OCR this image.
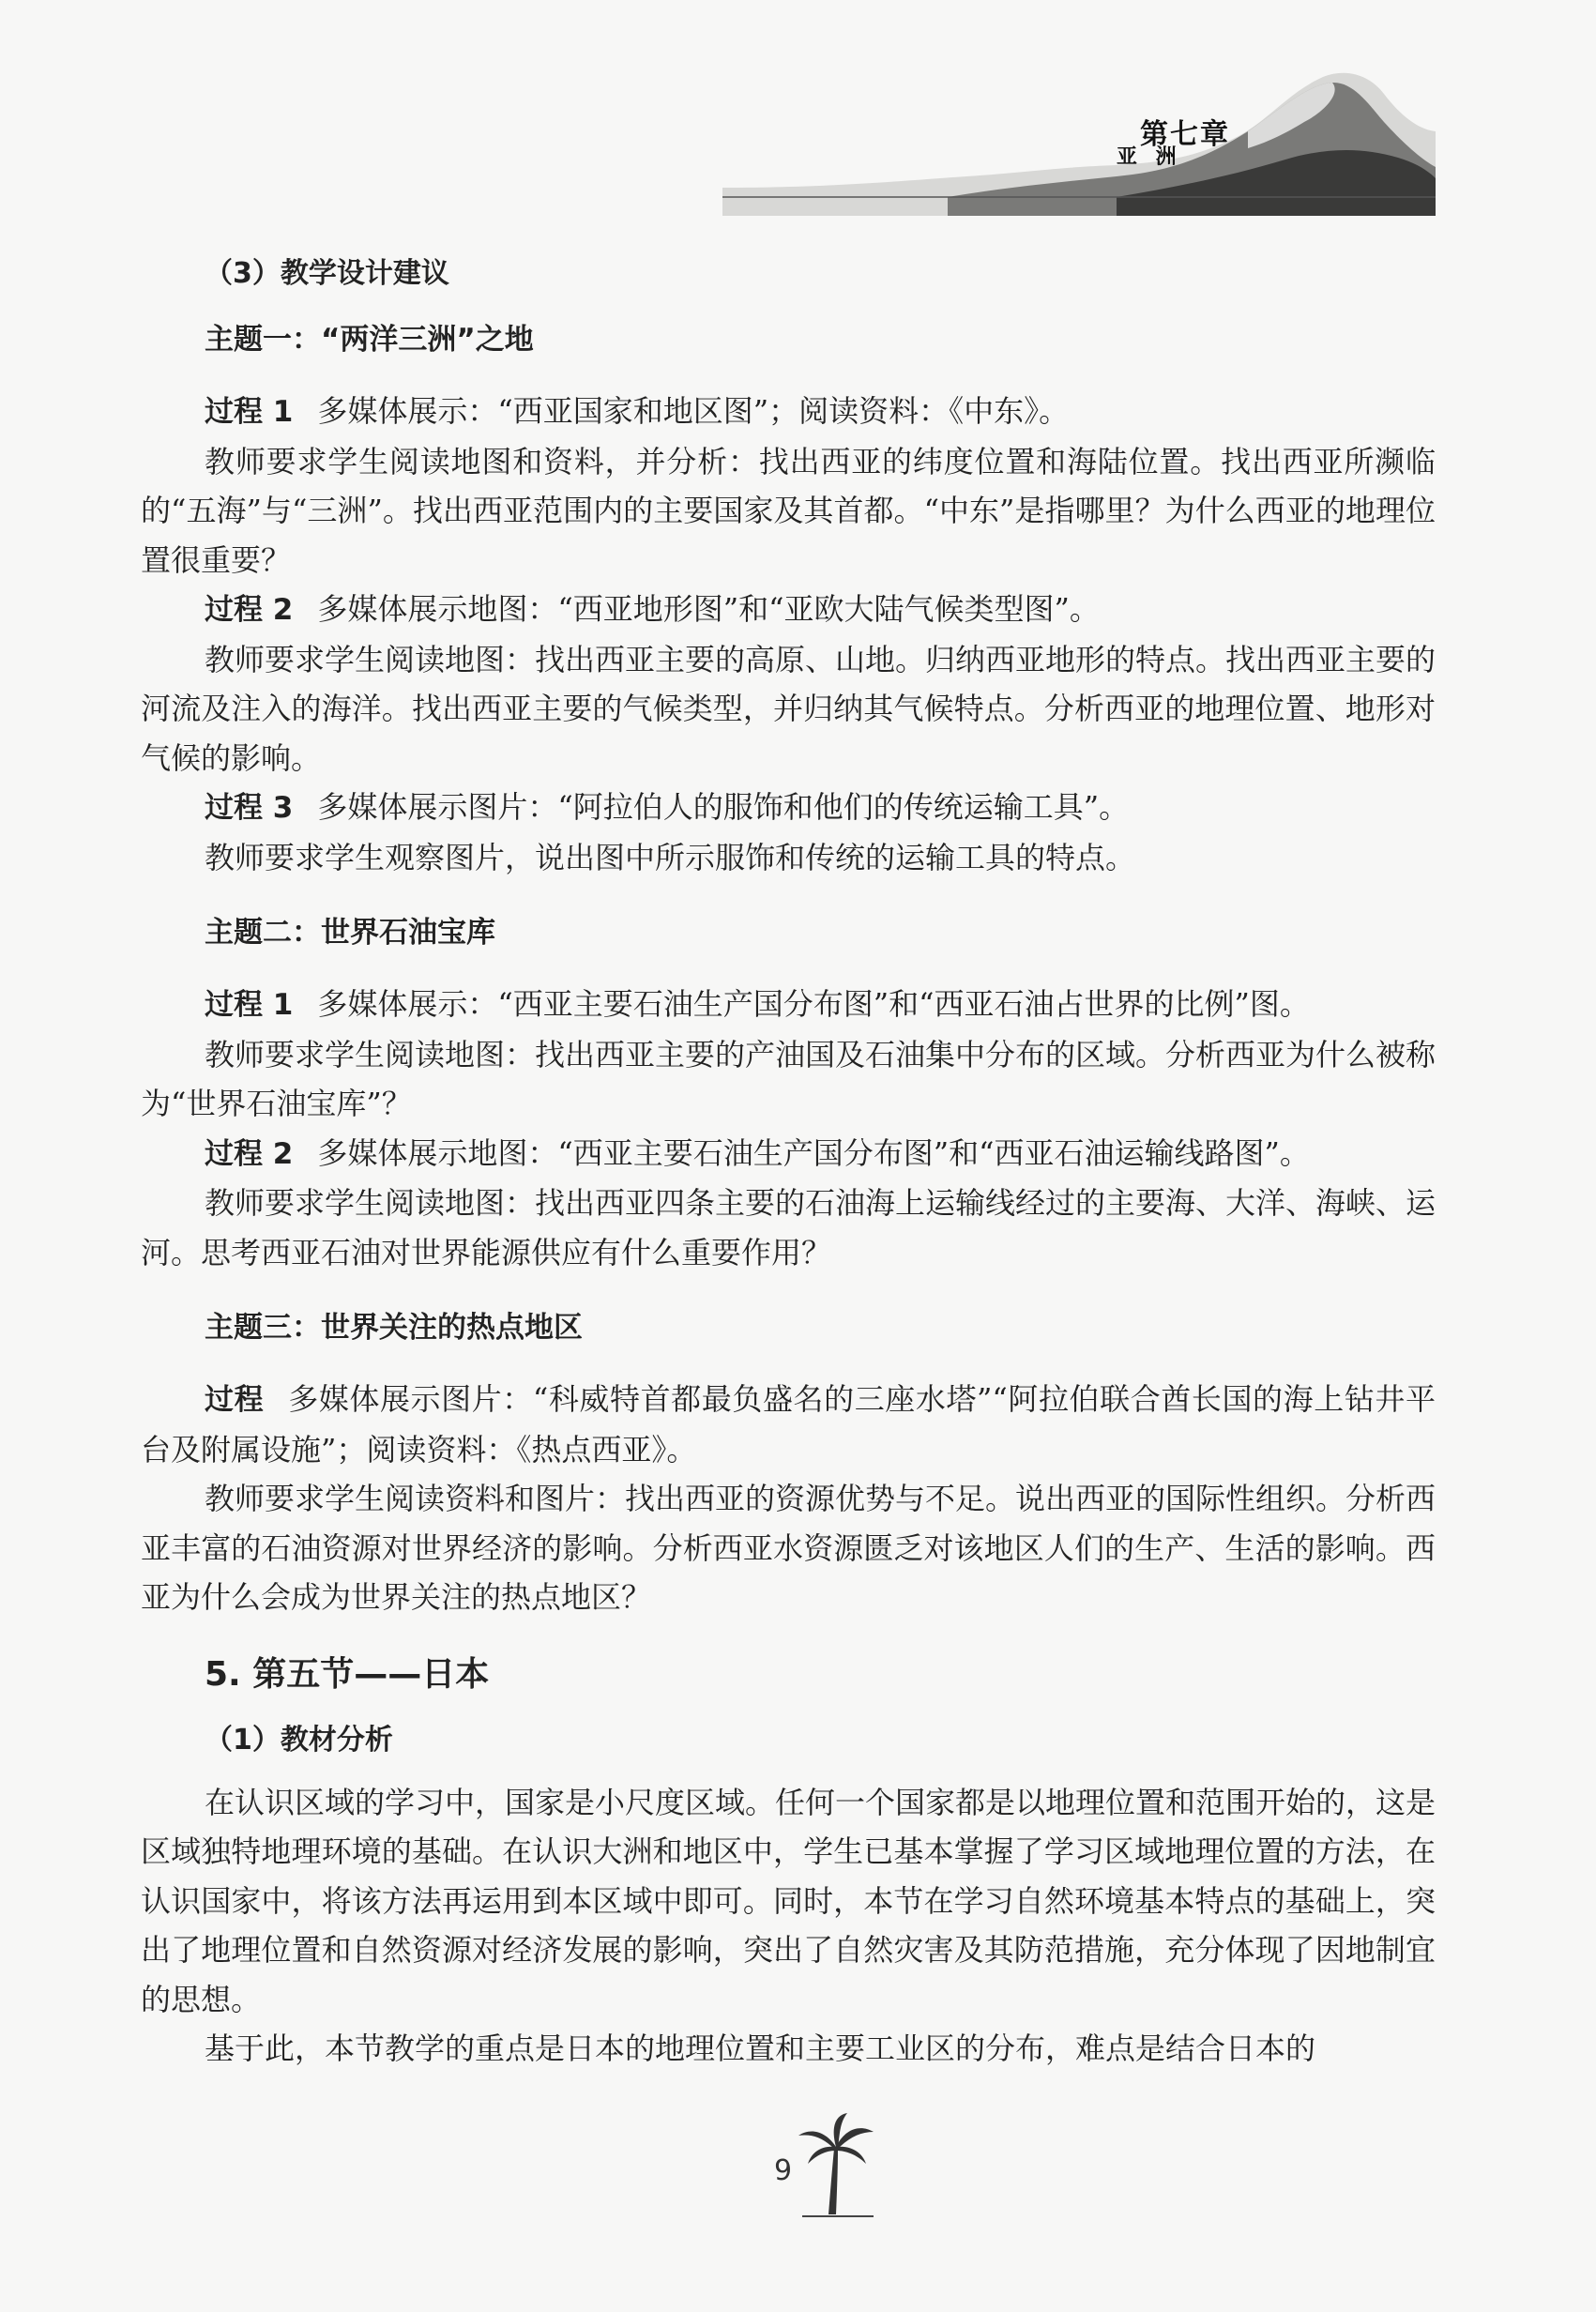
第七章
亚 洲
（3）教学设计建议
主题一：“两洋三洲”之地

过程 1 多媒体展示：“西亚国家和地区图”；阅读资料：《中东》。

教师要求学生阅读地图和资料，并分析：找出西亚的纬度位置和海陆位置。找出西亚所濒临的“五海”与“三洲”。找出西亚范围内的主要国家及其首都。“中东”是指哪里？为什么西亚的地理位置很重要？

过程 2 多媒体展示地图：“西亚地形图”和“亚欧大陆气候类型图”。

教师要求学生阅读地图：找出西亚主要的高原、山地。归纳西亚地形的特点。找出西亚主要的河流及注入的海洋。找出西亚主要的气候类型，并归纳其气候特点。分析西亚的地理位置、地形对气候的影响。

过程 3 多媒体展示图片：“阿拉伯人的服饰和他们的传统运输工具”。

教师要求学生观察图片，说出图中所示服饰和传统的运输工具的特点。

主题二：世界石油宝库

过程 1 多媒体展示：“西亚主要石油生产国分布图”和“西亚石油占世界的比例”图。

教师要求学生阅读地图：找出西亚主要的产油国及石油集中分布的区域。分析西亚为什么被称为“世界石油宝库”？

过程 2 多媒体展示地图：“西亚主要石油生产国分布图”和“西亚石油运输线路图”。

教师要求学生阅读地图：找出西亚四条主要的石油海上运输线经过的主要海、大洋、海峡、运河。思考西亚石油对世界能源供应有什么重要作用？

主题三：世界关注的热点地区

过程 多媒体展示图片：“科威特首都最负盛名的三座水塔”“阿拉伯联合酋长国的海上钻井平台及附属设施”；阅读资料：《热点西亚》。

教师要求学生阅读资料和图片：找出西亚的资源优势与不足。说出西亚的国际性组织。分析西亚丰富的石油资源对世界经济的影响。分析西亚水资源匮乏对该地区人们的生产、生活的影响。西亚为什么会成为世界关注的热点地区？

5. 第五节——日本
（1）教材分析

在认识区域的学习中，国家是小尺度区域。任何一个国家都是以地理位置和范围开始的，这是区域独特地理环境的基础。在认识大洲和地区中，学生已基本掌握了学习区域地理位置的方法，在认识国家中，将该方法再运用到本区域中即可。同时，本节在学习自然环境基本特点的基础上，突出了地理位置和自然资源对经济发展的影响，突出了自然灾害及其防范措施，充分体现了因地制宜的思想。

基于此，本节教学的重点是日本的地理位置和主要工业区的分布，难点是结合日本的

9
